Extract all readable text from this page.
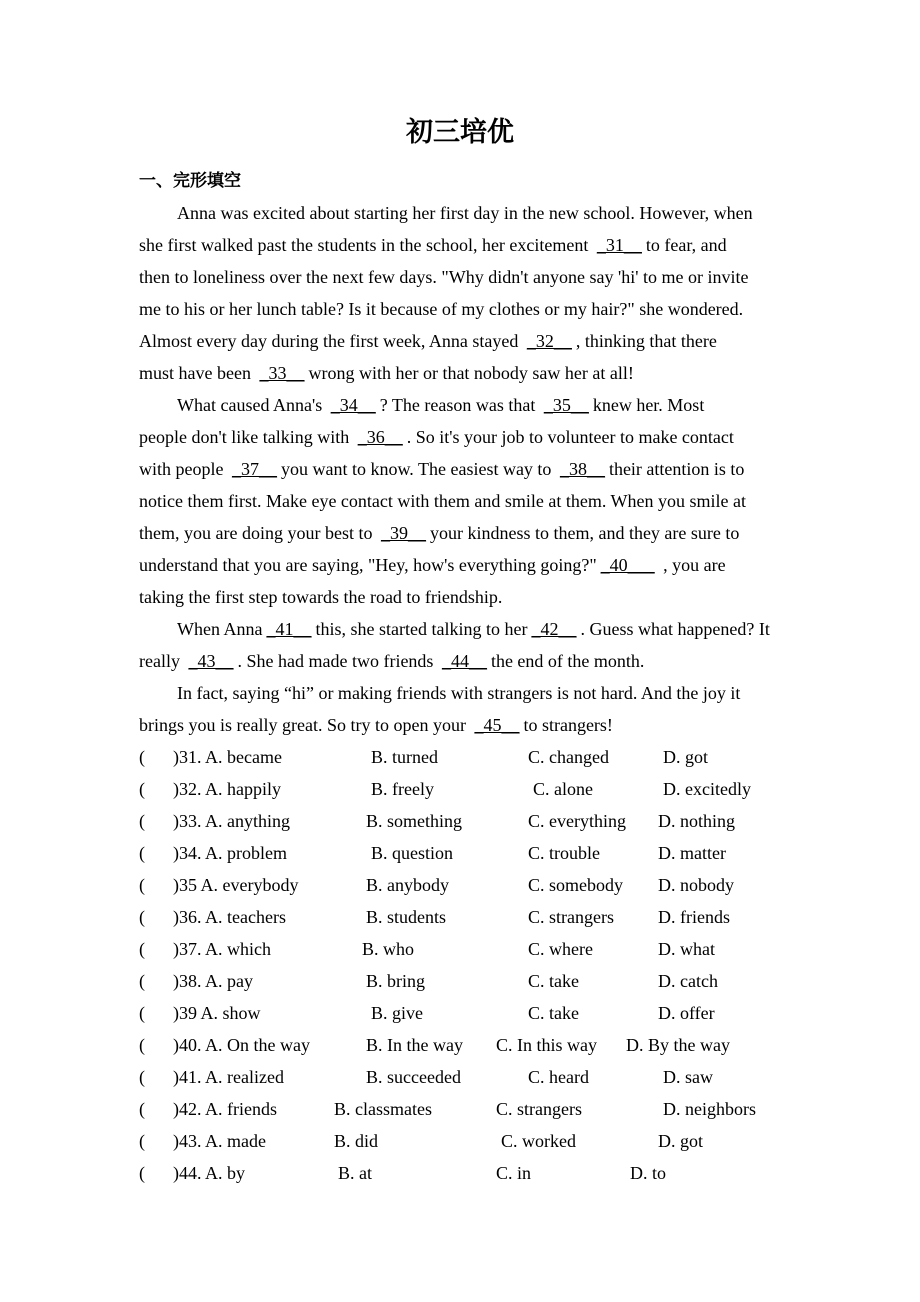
初三培优
一、完形填空

Anna was excited about starting her first day in the new school. However, when

she first walked past the students in the school, her excitement _31__ to fear, and

then to loneliness over the next few days. "Why didn't anyone say 'hi' to me or invite

me to his or her lunch table? Is it because of my clothes or my hair?" she wondered.

Almost every day during the first week, Anna stayed _32__ , thinking that there

must have been _33__ wrong with her or that nobody saw her at all!

What caused Anna's _34__ ? The reason was that _35__ knew her. Most

people don't like talking with _36__ . So it's your job to volunteer to make contact

with people _37__ you want to know. The easiest way to _38__ their attention is to

notice them first. Make eye contact with them and smile at them. When you smile at

them, you are doing your best to _39__ your kindness to them, and they are sure to

understand that you are saying, "Hey, how's everything going?" _40___ , you are

taking the first step towards the road to friendship.

When Anna _41__ this, she started talking to her _42__ . Guess what happened? It

really _43__ . She had made two friends _44__ the end of the month.

In fact, saying “hi” or making friends with strangers is not hard. And the joy it

brings you is really great. So try to open your _45__ to strangers!

( )31. A. became	B. turned	C. changed	D. got
( )32. A. happily	B. freely	C. alone	D. excitedly
( )33. A. anything	B. something	C. everything D. nothing
( )34. A. problem	B. question	C. trouble	D. matter
( )35 A. everybody	B. anybody	C. somebody D. nobody
( )36. A. teachers	B. students	C. strangers D. friends
( )37. A. which	B. who	C. where	D. what
( )38. A. pay	B. bring	C. take	D. catch
( )39 A. show	B. give	C. take	D. offer
( )40. A. On the way	B. In the way C. In this way D. By the way
( )41. A. realized	B. succeeded	C. heard	D. saw
( )42. A. friends	B. classmates	C. strangers	D. neighbors
( )43. A. made	B. did	C. worked	D. got
( )44. A. by	B. at	C. in	D. to
